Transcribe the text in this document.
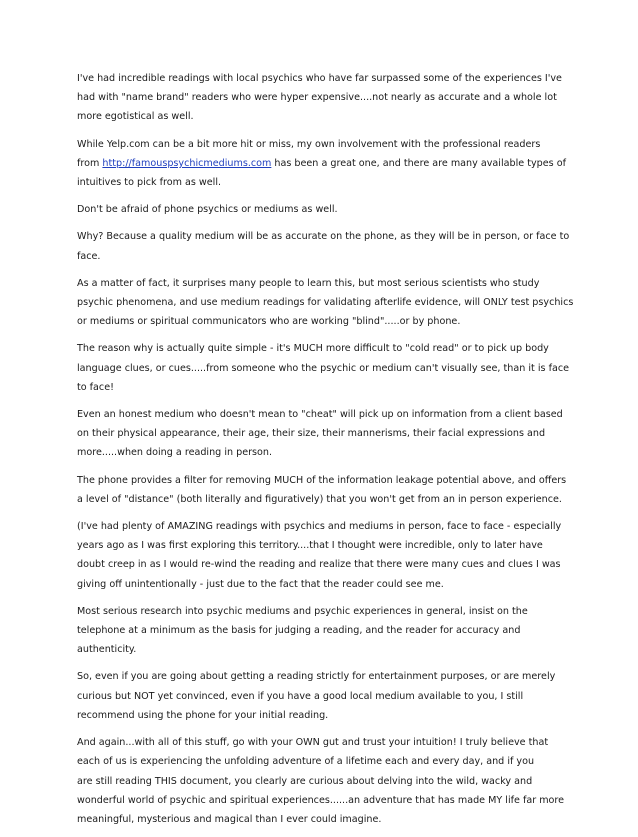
I've had incredible readings with local psychics who have far surpassed some of the experiences I've
had with "name brand" readers who were hyper expensive....not nearly as accurate and a whole lot
more egotistical as well.

While Yelp.com can be a bit more hit or miss, my own involvement with the professional readers
from http://famouspsychicmediums.com has been a great one, and there are many available types of
intuitives to pick from as well.

Don't be afraid of phone psychics or mediums as well.

Why? Because a quality medium will be as accurate on the phone, as they will be in person, or face to
face.

As a matter of fact, it surprises many people to learn this, but most serious scientists who study
psychic phenomena, and use medium readings for validating afterlife evidence, will ONLY test psychics
or mediums or spiritual communicators who are working "blind".....or by phone.

The reason why is actually quite simple - it's MUCH more difficult to "cold read" or to pick up body
language clues, or cues.....from someone who the psychic or medium can't visually see, than it is face
to face!

Even an honest medium who doesn't mean to "cheat" will pick up on information from a client based
on their physical appearance, their age, their size, their mannerisms, their facial expressions and
more.....when doing a reading in person.

The phone provides a filter for removing MUCH of the information leakage potential above, and offers
a level of "distance" (both literally and figuratively) that you won't get from an in person experience.

(I've had plenty of AMAZING readings with psychics and mediums in person, face to face - especially
years ago as I was first exploring this territory....that I thought were incredible, only to later have
doubt creep in as I would re-wind the reading and realize that there were many cues and clues I was
giving off unintentionally - just due to the fact that the reader could see me.

Most serious research into psychic mediums and psychic experiences in general, insist on the
telephone at a minimum as the basis for judging a reading, and the reader for accuracy and
authenticity.

So, even if you are going about getting a reading strictly for entertainment purposes, or are merely
curious but NOT yet convinced, even if you have a good local medium available to you, I still
recommend using the phone for your initial reading.

And again...with all of this stuff, go with your OWN gut and trust your intuition! I truly believe that
each of us is experiencing the unfolding adventure of a lifetime each and every day, and if you
are still reading THIS document, you clearly are curious about delving into the wild, wacky and
wonderful world of psychic and spiritual experiences......an adventure that has made MY life far more
meaningful, mysterious and magical than I ever could imagine.
